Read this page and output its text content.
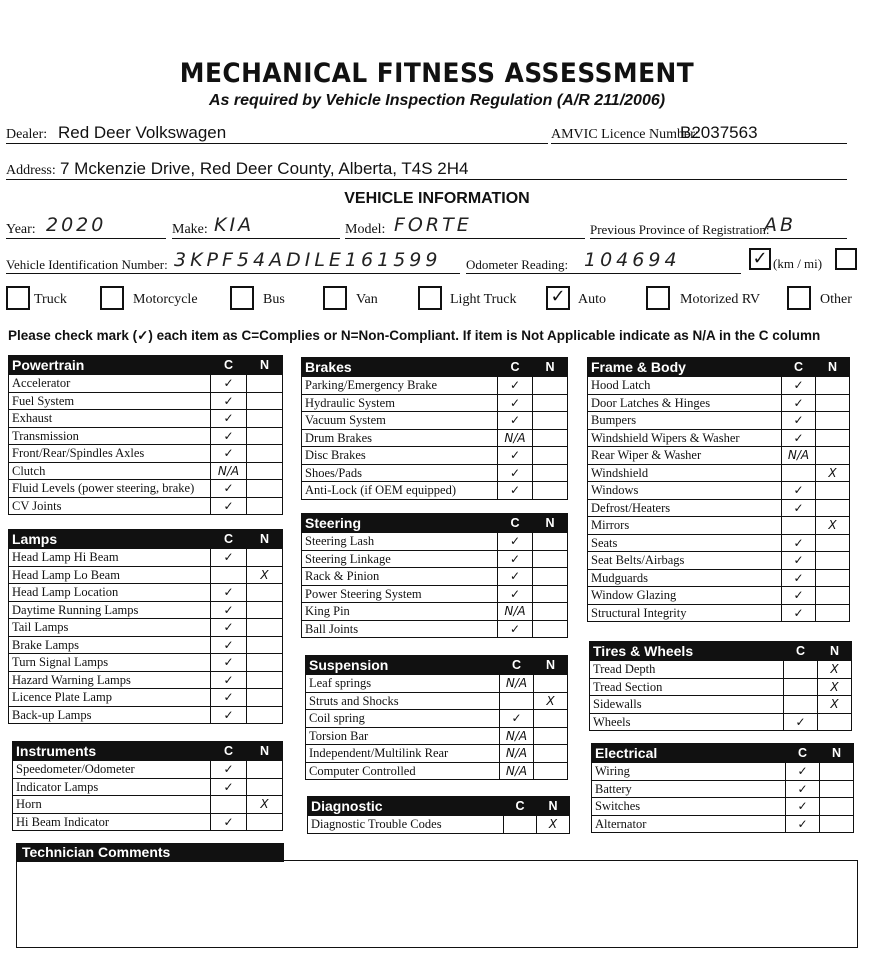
MECHANICAL FITNESS ASSESSMENT
As required by Vehicle Inspection Regulation (A/R 211/2006)
Dealer: Red Deer Volkswagen	AMVIC Licence Number:
B2037563
Address: 7 Mckenzie Drive, Red Deer County, Alberta, T4S 2H4
VEHICLE INFORMATION
Year: 2020	Make: KIA	Model: FORTE	Previous Province of Registration:
AB
Vehicle Identification Number: 3KPF54ADILE161599 Odometer Reading: 104694	✓ (km / mi)
Truck	Motorcycle	Bus	Van	Light Truck ✓ Auto	Motorized RV	Other
Please check mark (✓) each item as C=Complies or N=Non-Compliant. If item is Not Applicable indicate as N/A in the C column
Powertrain	C	N
Accelerator	✓	
Fuel System	✓	
Exhaust	✓	
Transmission	✓	
Front/Rear/Spindles Axles	✓	
Clutch	N/A	
Fluid Levels (power steering, brake)	✓	
CV Joints	✓	
Lamps	C	N
Head Lamp Hi Beam	✓	
Head Lamp Lo Beam		X
Head Lamp Location	✓	
Daytime Running Lamps	✓	
Tail Lamps	✓	
Brake Lamps	✓	
Turn Signal Lamps	✓	
Hazard Warning Lamps	✓	
Licence Plate Lamp	✓	
Back-up Lamps	✓	
Instruments	C	N
Speedometer/Odometer	✓	
Indicator Lamps	✓	
Horn		X
Hi Beam Indicator	✓	
Brakes	C	N
Parking/Emergency Brake	✓	
Hydraulic System	✓	
Vacuum System	✓	
Drum Brakes	N/A	
Disc Brakes	✓	
Shoes/Pads	✓	
Anti-Lock (if OEM equipped)	✓	
Steering	C	N
Steering Lash	✓	
Steering Linkage	✓	
Rack & Pinion	✓	
Power Steering System	✓	
King Pin	N/A	
Ball Joints	✓	
Suspension	C	N
Leaf springs	N/A	
Struts and Shocks		X
Coil spring	✓	
Torsion Bar	N/A	
Independent/Multilink Rear	N/A	
Computer Controlled	N/A	
Diagnostic	C	N
Diagnostic Trouble Codes		X
Frame & Body	C	N
Hood Latch	✓	
Door Latches & Hinges	✓	
Bumpers	✓	
Windshield Wipers & Washer	✓	
Rear Wiper & Washer	N/A	
Windshield		X
Windows	✓	
Defrost/Heaters	✓	
Mirrors		X
Seats	✓	
Seat Belts/Airbags	✓	
Mudguards	✓	
Window Glazing	✓	
Structural Integrity	✓	
Tires & Wheels	C	N
Tread Depth		X
Tread Section		X
Sidewalls		X
Wheels	✓	
Electrical	C	N
Wiring	✓	
Battery	✓	
Switches	✓	
Alternator	✓	
Technician Comments
